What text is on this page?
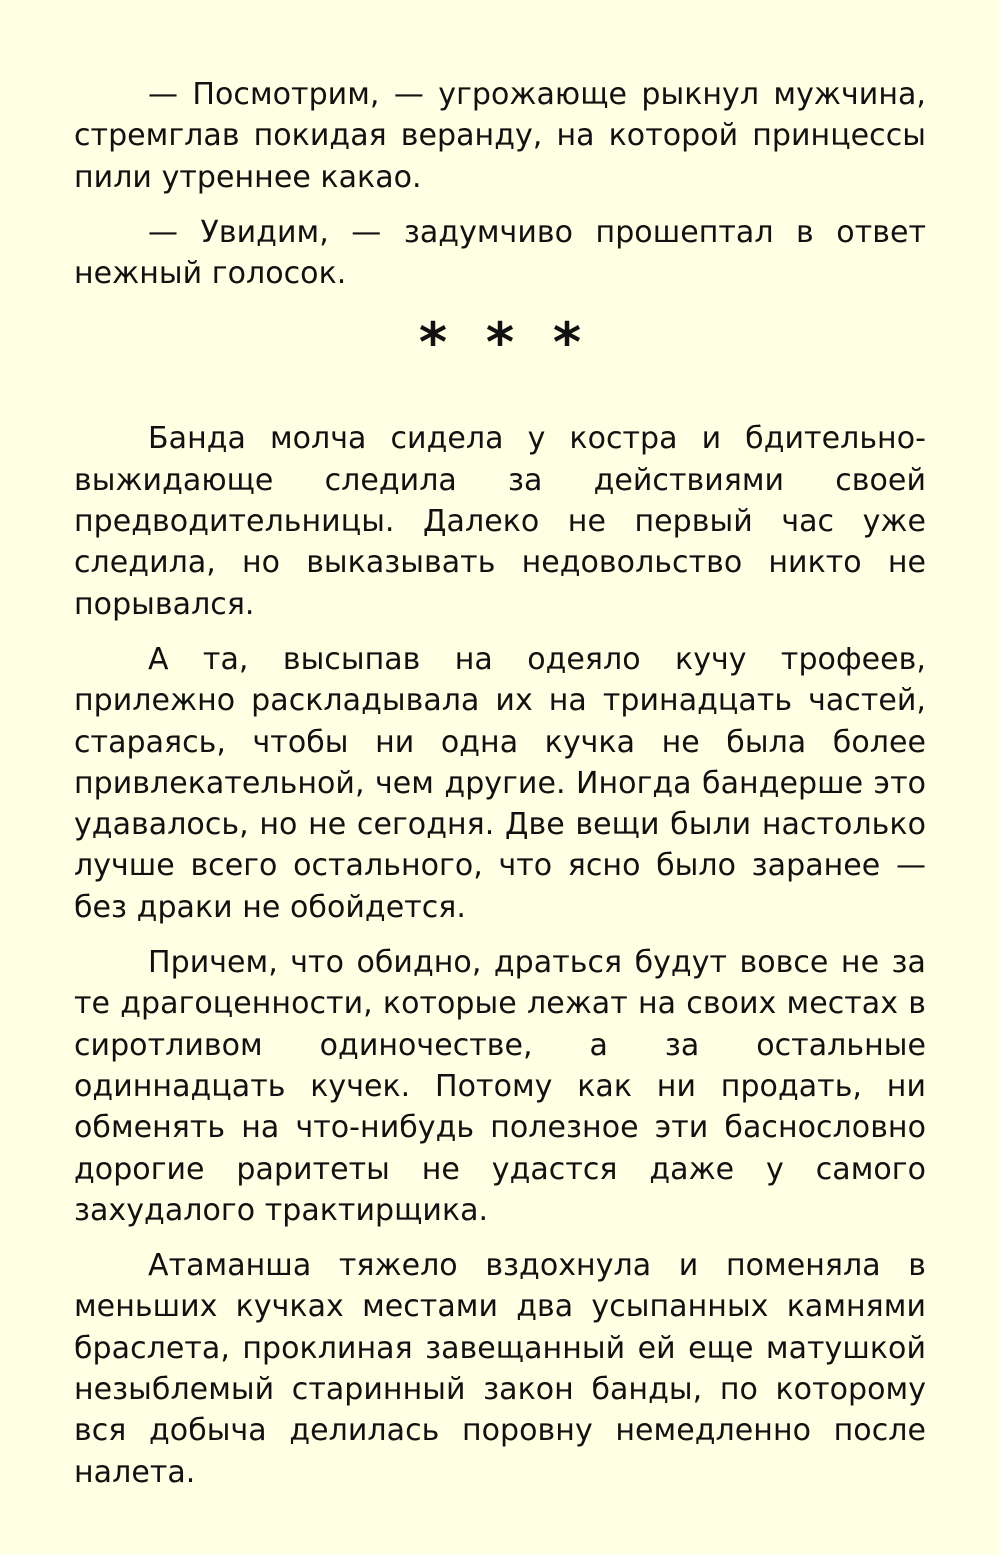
— Посмотрим, — угрожающе рыкнул мужчина, стремглав покидая веранду, на которой принцессы пили утреннее какао.

— Увидим, — задумчиво прошептал в ответ нежный голосок.

* * *

Банда молча сидела у костра и бдительно-выжидающе следила за действиями своей предводительницы. Далеко не первый час уже следила, но выказывать недовольство никто не порывался.

А та, высыпав на одеяло кучу трофеев, прилежно раскладывала их на тринадцать частей, стараясь, чтобы ни одна кучка не была более привлекательной, чем другие. Иногда бандерше это удавалось, но не сегодня. Две вещи были настолько лучше всего остального, что ясно было заранее — без драки не обойдется.

Причем, что обидно, драться будут вовсе не за те драгоценности, которые лежат на своих местах в сиротливом одиночестве, а за остальные одиннадцать кучек. Потому как ни продать, ни обменять на что-нибудь полезное эти баснословно дорогие раритеты не удастся даже у самого захудалого трактирщика.

Атаманша тяжело вздохнула и поменяла в меньших кучках местами два усыпанных камнями браслета, проклиная завещанный ей еще матушкой незыблемый старинный закон банды, по которому вся добыча делилась поровну немедленно после налета.
